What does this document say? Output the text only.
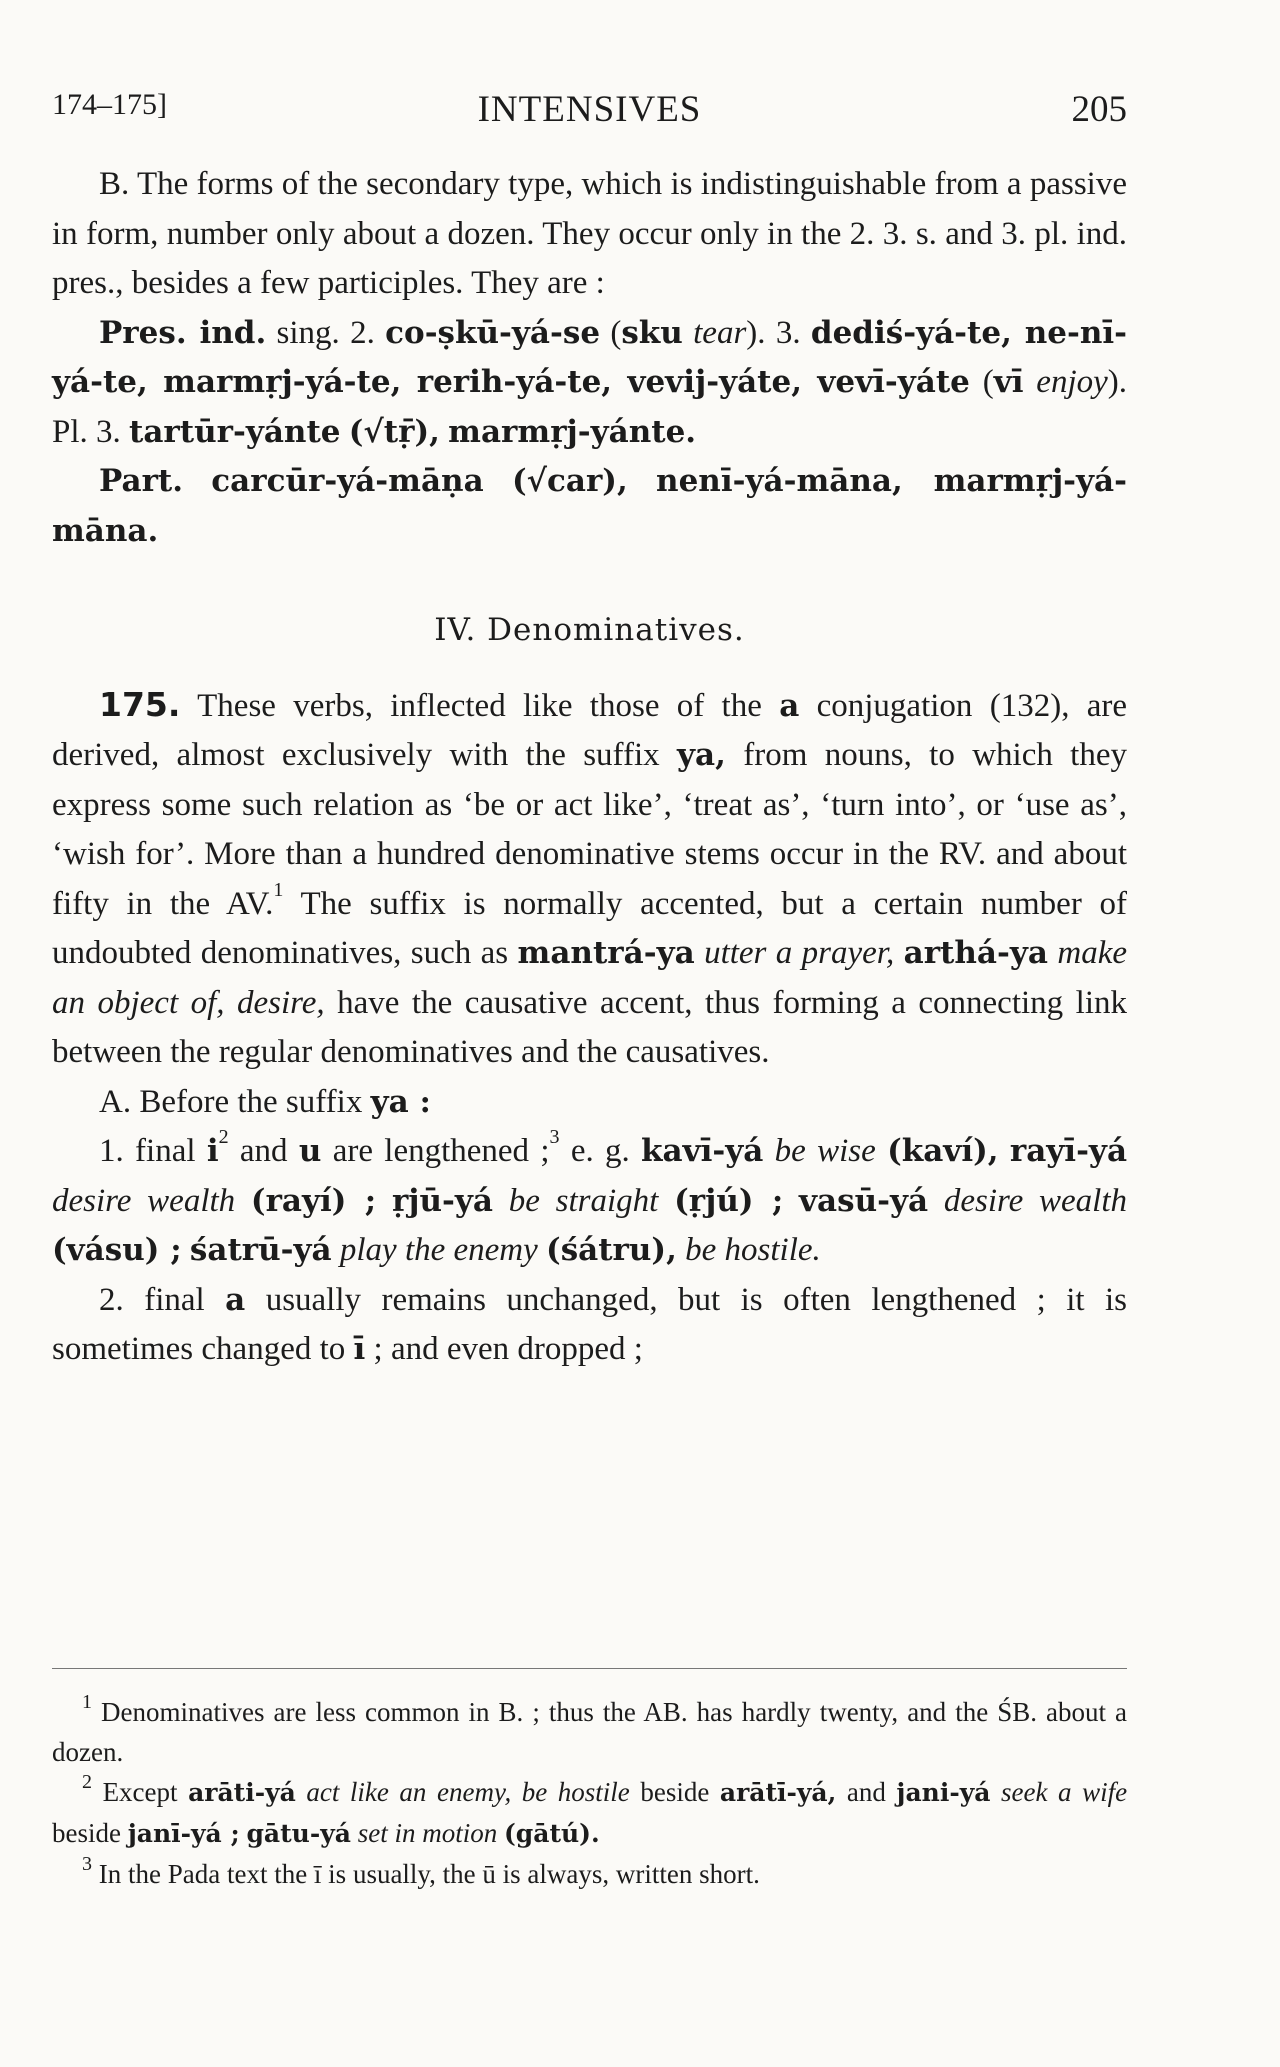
174–175]	INTENSIVES	205

B. The forms of the secondary type, which is indistinguishable from a passive in form, number only about a dozen. They occur only in the 2. 3. s. and 3. pl. ind. pres., besides a few participles. They are :

Pres. ind. sing. 2. co-ṣkū-yá-se (sku tear). 3. dediś-yá-te, ne-nī-yá-te, marmṛj-yá-te, rerih-yá-te, vevij-yáte, vevī-yáte (vī enjoy). Pl. 3. tartūr-yánte (√tṝ), marmṛj-yánte.

Part. carcūr-yá-māṇa (√car), nenī-yá-māna, marmṛj-yá-māna.

IV. Denominatives.

175. These verbs, inflected like those of the a conjugation (132), are derived, almost exclusively with the suffix ya, from nouns, to which they express some such relation as ‘be or act like’, ‘treat as’, ‘turn into’, or ‘use as’, ‘wish for’. More than a hundred denominative stems occur in the RV. and about fifty in the AV.$^1$ The suffix is normally accented, but a certain number of undoubted denominatives, such as mantrá-ya utter a prayer, arthá-ya make an object of, desire, have the causative accent, thus forming a connecting link between the regular denominatives and the causatives.

A. Before the suffix ya :

1. final $i^2$ and u are lengthened ;$^3$ e. g. kavī-yá be wise (kaví), rayī-yá desire wealth (rayí) ; ṛjū-yá be straight (ṛjú) ; vasū-yá desire wealth (vásu) ; śatrū-yá play the enemy (śátru), be hostile.

2. final a usually remains unchanged, but is often lengthened ; it is sometimes changed to ī ; and even dropped ;

$^1$ Denominatives are less common in B. ; thus the AB. has hardly twenty, and the ŚB. about a dozen.

$^2$ Except arāti-yá act like an enemy, be hostile beside arātī-yá, and jani-yá seek a wife beside janī-yá ; gātu-yá set in motion (gātú).

$^3$ In the Pada text the ī is usually, the ū is always, written short.
